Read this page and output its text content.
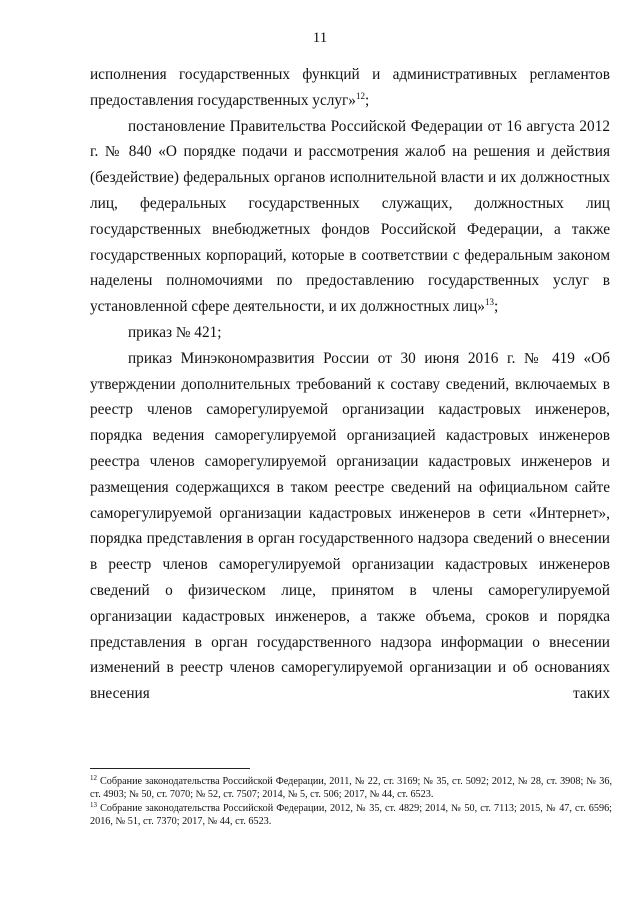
11

исполнения государственных функций и административных регламентов предоставления государственных услуг»$^{12}$;

постановление Правительства Российской Федерации от 16 августа 2012 г. № 840 «О порядке подачи и рассмотрения жалоб на решения и действия (бездействие) федеральных органов исполнительной власти и их должностных лиц, федеральных государственных служащих, должностных лиц государственных внебюджетных фондов Российской Федерации, а также государственных корпораций, которые в соответствии с федеральным законом наделены полномочиями по предоставлению государственных услуг в установленной сфере деятельности, и их должностных лиц»$^{13}$;

приказ № 421;

приказ Минэкономразвития России от 30 июня 2016 г. № 419 «Об утверждении дополнительных требований к составу сведений, включаемых в реестр членов саморегулируемой организации кадастровых инженеров, порядка ведения саморегулируемой организацией кадастровых инженеров реестра членов саморегулируемой организации кадастровых инженеров и размещения содержащихся в таком реестре сведений на официальном сайте саморегулируемой организации кадастровых инженеров в сети «Интернет», порядка представления в орган государственного надзора сведений о внесении в реестр членов саморегулируемой организации кадастровых инженеров сведений о физическом лице, принятом в члены саморегулируемой организации кадастровых инженеров, а также объема, сроков и порядка представления в орган государственного надзора информации о внесении изменений в реестр членов саморегулируемой организации и об основаниях внесения таких

$^{12}$ Собрание законодательства Российской Федерации, 2011, № 22, ст. 3169; № 35, ст. 5092; 2012, № 28, ст. 3908; № 36, ст. 4903; № 50, ст. 7070; № 52, ст. 7507; 2014, № 5, ст. 506; 2017, № 44, ст. 6523.

$^{13}$ Собрание законодательства Российской Федерации, 2012, № 35, ст. 4829; 2014, № 50, ст. 7113; 2015, № 47, ст. 6596; 2016, № 51, ст. 7370; 2017, № 44, ст. 6523.
